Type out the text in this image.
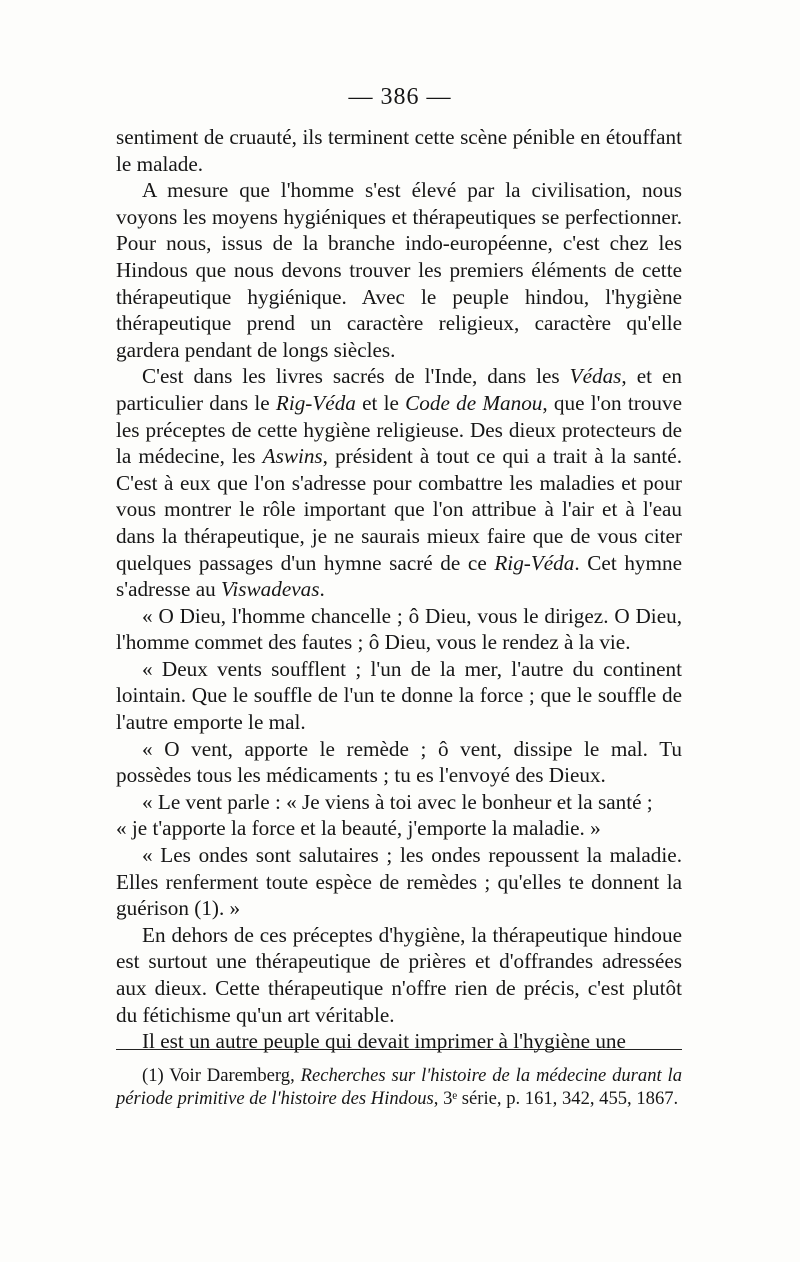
— 386 —

sentiment de cruauté, ils terminent cette scène pénible en étouffant le malade.

A mesure que l'homme s'est élevé par la civilisation, nous voyons les moyens hygiéniques et thérapeutiques se perfectionner. Pour nous, issus de la branche indo-européenne, c'est chez les Hindous que nous devons trouver les premiers éléments de cette thérapeutique hygiénique. Avec le peuple hindou, l'hygiène thérapeutique prend un caractère religieux, caractère qu'elle gardera pendant de longs siècles.

C'est dans les livres sacrés de l'Inde, dans les Védas, et en particulier dans le Rig-Véda et le Code de Manou, que l'on trouve les préceptes de cette hygiène religieuse. Des dieux protecteurs de la médecine, les Aswins, président à tout ce qui a trait à la santé. C'est à eux que l'on s'adresse pour combattre les maladies et pour vous montrer le rôle important que l'on attribue à l'air et à l'eau dans la thérapeutique, je ne saurais mieux faire que de vous citer quelques passages d'un hymne sacré de ce Rig-Véda. Cet hymne s'adresse au Viswadevas.

« O Dieu, l'homme chancelle ; ô Dieu, vous le dirigez. O Dieu, l'homme commet des fautes ; ô Dieu, vous le rendez à la vie.

« Deux vents soufflent ; l'un de la mer, l'autre du continent lointain. Que le souffle de l'un te donne la force ; que le souffle de l'autre emporte le mal.

« O vent, apporte le remède ; ô vent, dissipe le mal. Tu possèdes tous les médicaments ; tu es l'envoyé des Dieux.

« Le vent parle : « Je viens à toi avec le bonheur et la santé ;

« je t'apporte la force et la beauté, j'emporte la maladie. »

« Les ondes sont salutaires ; les ondes repoussent la maladie. Elles renferment toute espèce de remèdes ; qu'elles te donnent la guérison (1). »

En dehors de ces préceptes d'hygiène, la thérapeutique hindoue est surtout une thérapeutique de prières et d'offrandes adressées aux dieux. Cette thérapeutique n'offre rien de précis, c'est plutôt du fétichisme qu'un art véritable.

Il est un autre peuple qui devait imprimer à l'hygiène une

(1) Voir Daremberg, Recherches sur l'histoire de la médecine durant la période primitive de l'histoire des Hindous, 3ᵉ série, p. 161, 342, 455, 1867.
